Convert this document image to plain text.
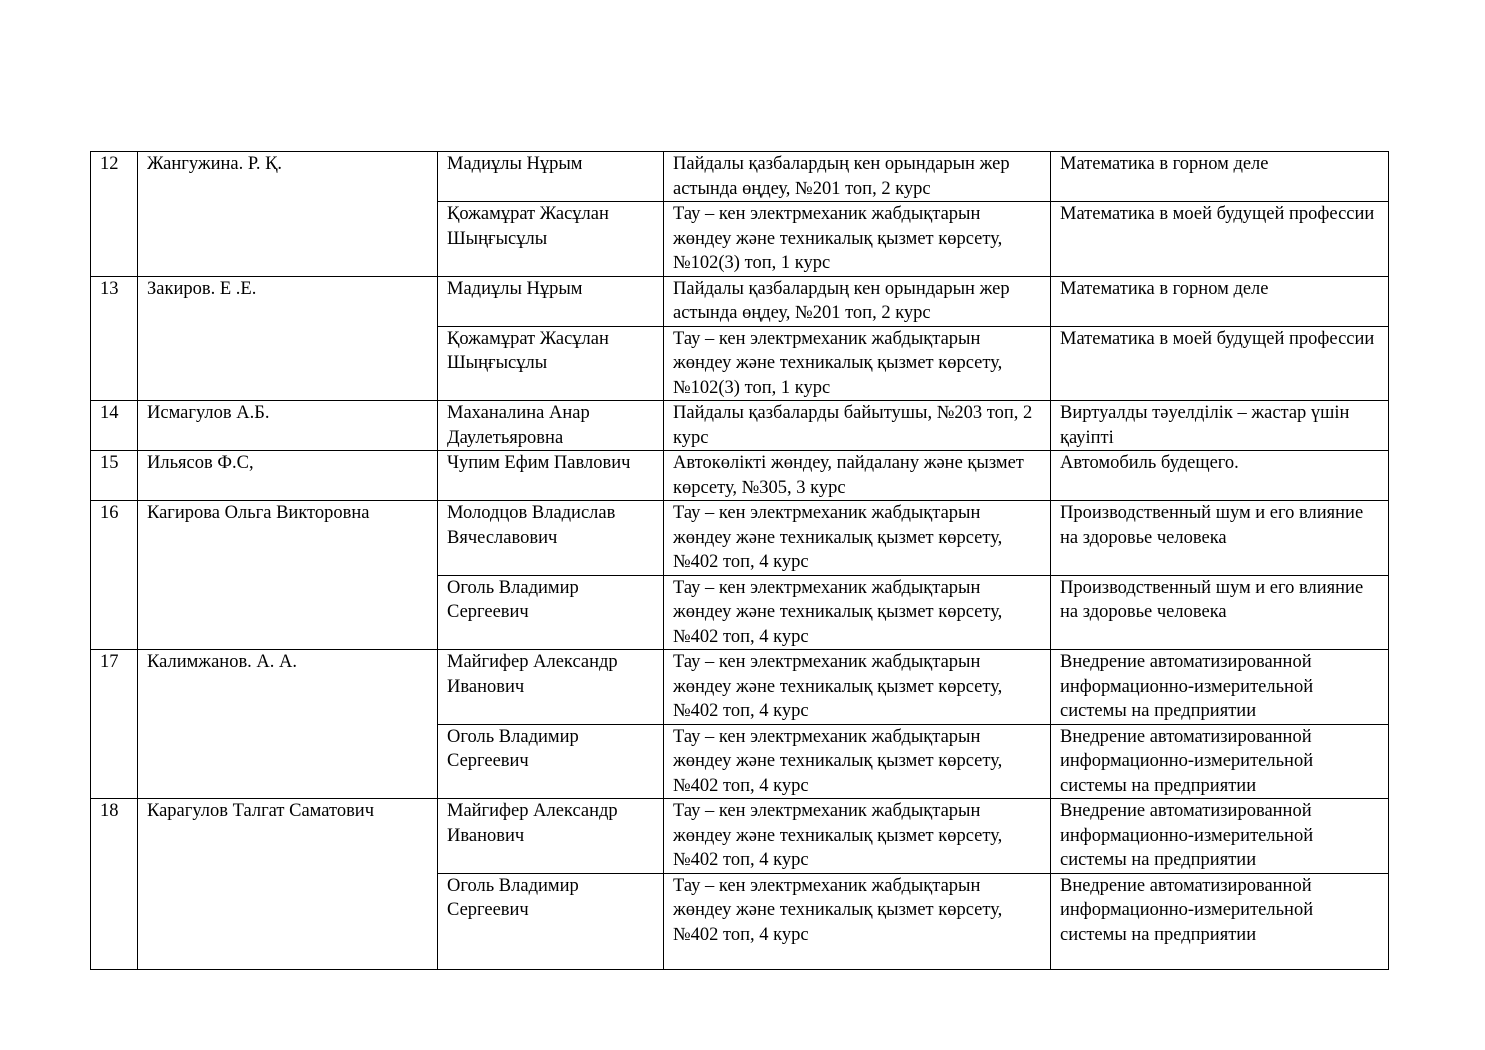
12	Жангужина. Р. Қ.	Мадиұлы Нұрым	Пайдалы қазбалардың кен орындарын жер астында өңдеу, №201 топ, 2 курс	Математика в горном деле
		Қожамұрат Жасұлан Шыңғысұлы	Тау – кен электрмеханик жабдықтарын жөндеу және техникалық қызмет көрсету, №102(3) топ, 1 курс	Математика в моей будущей профессии
13	Закиров. Е .Е.	Мадиұлы Нұрым	Пайдалы қазбалардың кен орындарын жер астында өңдеу, №201 топ, 2 курс	Математика в горном деле
		Қожамұрат Жасұлан Шыңғысұлы	Тау – кен электрмеханик жабдықтарын жөндеу және техникалық қызмет көрсету, №102(3) топ, 1 курс	Математика в моей будущей профессии
14	Исмагулов А.Б.	Маханалина Анар Даулетьяровна	Пайдалы қазбаларды байытушы, №203 топ, 2 курс	Виртуалды тәуелділік – жастар үшін қауіпті
15	Ильясов Ф.С,	Чупим Ефим Павлович	Автокөлікті жөндеу, пайдалану және қызмет көрсету, №305, 3 курс	Автомобиль будещего.
16	Кагирова Ольга Викторовна	Молодцов Владислав Вячеславович	Тау – кен электрмеханик жабдықтарын жөндеу және техникалық қызмет көрсету, №402 топ, 4 курс	Производственный шум и его влияние на здоровье человека
		Оголь Владимир Сергеевич	Тау – кен электрмеханик жабдықтарын жөндеу және техникалық қызмет көрсету, №402 топ, 4 курс	Производственный шум и его влияние на здоровье человека
17	Калимжанов. А. А.	Майгифер Александр Иванович	Тау – кен электрмеханик жабдықтарын жөндеу және техникалық қызмет көрсету, №402 топ, 4 курс	Внедрение автоматизированной информационно-измерительной системы на предприятии
		Оголь Владимир Сергеевич	Тау – кен электрмеханик жабдықтарын жөндеу және техникалық қызмет көрсету, №402 топ, 4 курс	Внедрение автоматизированной информационно-измерительной системы на предприятии
18	Карагулов Талгат Саматович	Майгифер Александр Иванович	Тау – кен электрмеханик жабдықтарын жөндеу және техникалық қызмет көрсету, №402 топ, 4 курс	Внедрение автоматизированной информационно-измерительной системы на предприятии
		Оголь Владимир Сергеевич	Тау – кен электрмеханик жабдықтарын жөндеу және техникалық қызмет көрсету, №402 топ, 4 курс	Внедрение автоматизированной информационно-измерительной системы на предприятии
